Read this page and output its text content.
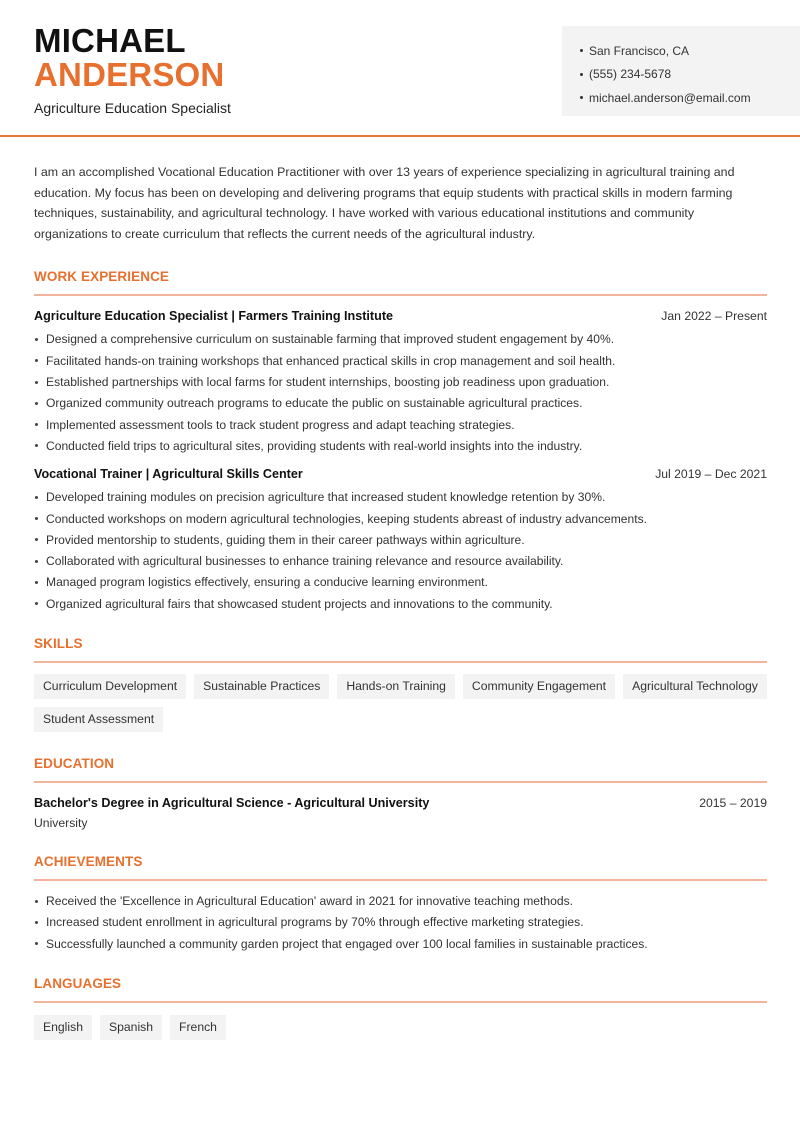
MICHAEL
ANDERSON
Agriculture Education Specialist
San Francisco, CA
(555) 234-5678
michael.anderson@email.com

I am an accomplished Vocational Education Practitioner with over 13 years of experience specializing in agricultural training and education. My focus has been on developing and delivering programs that equip students with practical skills in modern farming techniques, sustainability, and agricultural technology. I have worked with various educational institutions and community organizations to create curriculum that reflects the current needs of the agricultural industry.

WORK EXPERIENCE
Agriculture Education Specialist | Farmers Training Institute	Jan 2022 – Present
Designed a comprehensive curriculum on sustainable farming that improved student engagement by 40%.
Facilitated hands-on training workshops that enhanced practical skills in crop management and soil health.
Established partnerships with local farms for student internships, boosting job readiness upon graduation.
Organized community outreach programs to educate the public on sustainable agricultural practices.
Implemented assessment tools to track student progress and adapt teaching strategies.
Conducted field trips to agricultural sites, providing students with real-world insights into the industry.
Vocational Trainer | Agricultural Skills Center	Jul 2019 – Dec 2021
Developed training modules on precision agriculture that increased student knowledge retention by 30%.
Conducted workshops on modern agricultural technologies, keeping students abreast of industry advancements.
Provided mentorship to students, guiding them in their career pathways within agriculture.
Collaborated with agricultural businesses to enhance training relevance and resource availability.
Managed program logistics effectively, ensuring a conducive learning environment.
Organized agricultural fairs that showcased student projects and innovations to the community.
SKILLS
Curriculum Development	Sustainable Practices	Hands-on Training	Community Engagement	Agricultural Technology
Student Assessment
EDUCATION
Bachelor's Degree in Agricultural Science - Agricultural University	2015 – 2019
University
ACHIEVEMENTS
Received the 'Excellence in Agricultural Education' award in 2021 for innovative teaching methods.
Increased student enrollment in agricultural programs by 70% through effective marketing strategies.
Successfully launched a community garden project that engaged over 100 local families in sustainable practices.
LANGUAGES
English	Spanish	French
